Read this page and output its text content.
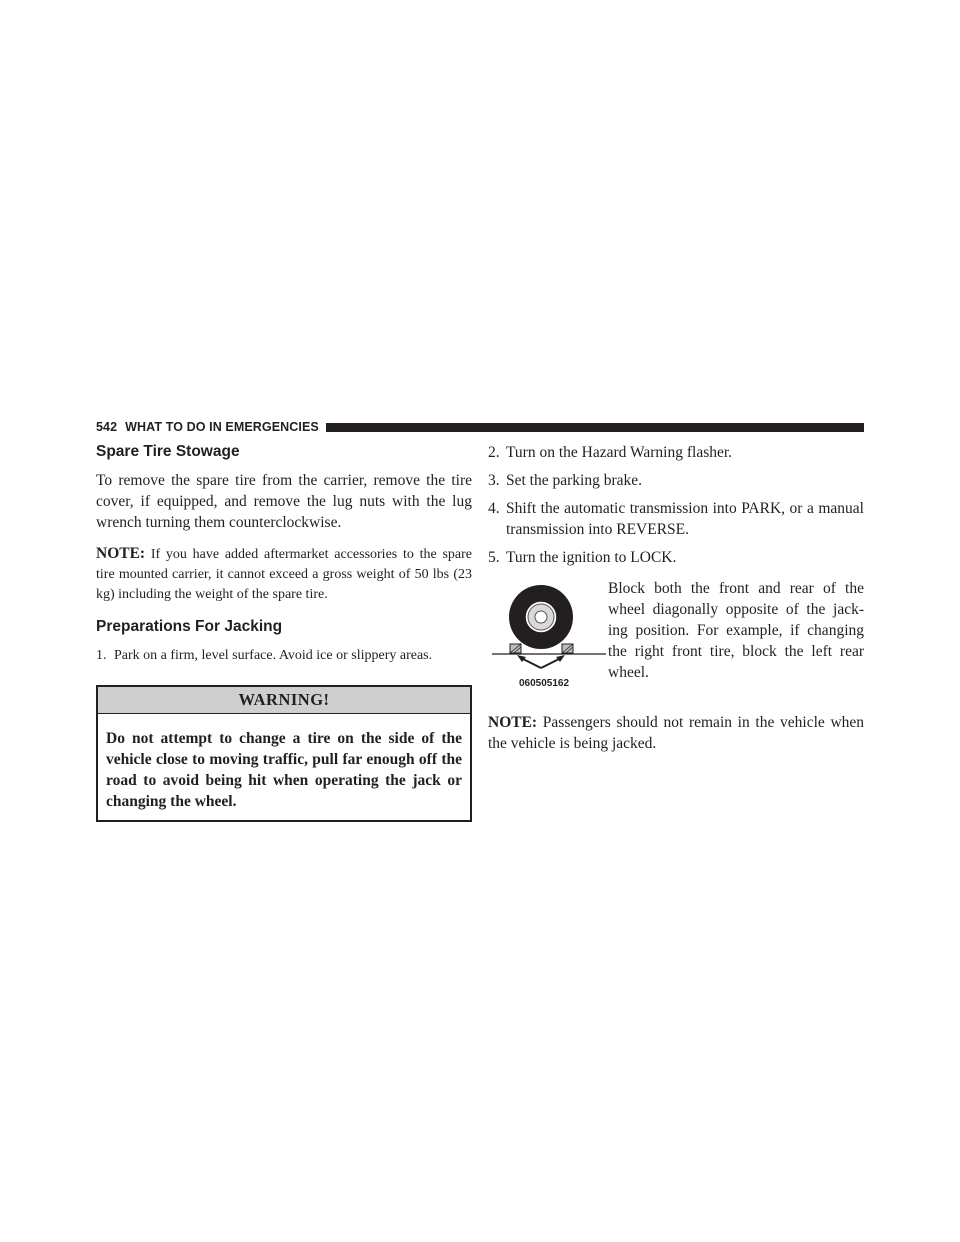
542 WHAT TO DO IN EMERGENCIES
Spare Tire Stowage

To remove the spare tire from the carrier, remove the tire cover, if equipped, and remove the lug nuts with the lug wrench turning them counterclockwise.

NOTE: If you have added aftermarket accessories to the spare tire mounted carrier, it cannot exceed a gross weight of 50 lbs (23 kg) including the weight of the spare tire.

Preparations For Jacking
1. Park on a firm, level surface. Avoid ice or slippery areas.
WARNING!
Do not attempt to change a tire on the side of the vehicle close to moving traffic, pull far enough off the road to avoid being hit when operating the jack or changing the wheel.
2. Turn on the Hazard Warning flasher.
3. Set the parking brake.
4. Shift the automatic transmission into PARK, or a manual transmission into REVERSE.
5. Turn the ignition to LOCK.
060505162
Block both the front and rear of the wheel diagonally opposite of the jack- ing position. For example, if changing the right front tire, block the left rear wheel.

NOTE: Passengers should not remain in the vehicle when the vehicle is being jacked.
